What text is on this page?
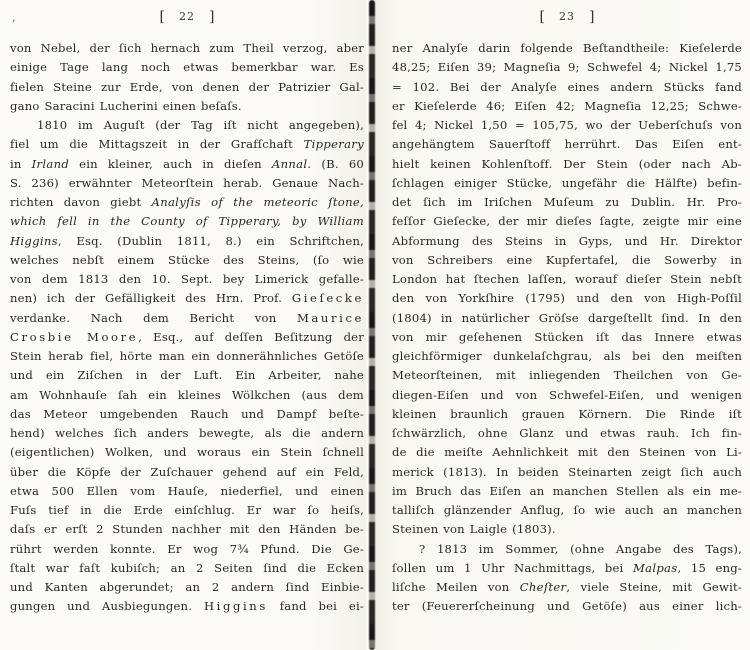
,	[ 22 ]
von Nebel, der ſich hernach zum Theil verzog, aber
einige Tage lang noch etwas bemerkbar war. Es
fielen Steine zur Erde, von denen der Patrizier Gal-
gano Saracini Lucherini einen beſaſs.
1810 im Auguſt (der Tag iſt nicht angegeben),
fiel um die Mittagszeit in der Grafſchaft Tipperary
in Irland ein kleiner, auch in dieſen Annal. (B. 60
S. 236) erwähnter Meteorſtein herab. Genaue Nach-
richten davon giebt Analyſis of the meteoric ſtone,
which fell in the County of Tipperary, by William
Higgins, Esq. (Dublin 1811, 8.) ein Schriftchen,
welches nebſt einem Stücke des Steins, (ſo wie
von dem 1813 den 10. Sept. bey Limerick gefalle-
nen) ich der Gefälligkeit des Hrn. Prof. Gieſecke
verdanke. Nach dem Bericht von Maurice
Crosbie Moore, Esq., auf deſſen Beſitzung der
Stein herab fiel, hörte man ein donnerähnliches Getöſe
und ein Ziſchen in der Luft. Ein Arbeiter, nahe
am Wohnhauſe ſah ein kleines Wölkchen (aus dem
das Meteor umgebenden Rauch und Dampf beſte-
hend) welches ſich anders bewegte, als die andern
(eigentlichen) Wolken, und woraus ein Stein ſchnell
über die Köpfe der Zuſchauer gehend auf ein Feld,
etwa 500 Ellen vom Hauſe, niederfiel, und einen
Fuſs tief in die Erde einſchlug. Er war ſo heiſs,
daſs er erſt 2 Stunden nachher mit den Händen be-
rührt werden konnte. Er wog 7¾ Pfund. Die Ge-
ſtalt war faſt kubiſch; an 2 Seiten ſind die Ecken
und Kanten abgerundet; an 2 andern ſind Einbie-
gungen und Ausbiegungen. Higgins fand bei ei-
[ 23 ]
ner Analyſe darin folgende Beſtandtheile: Kieſelerde
48,25; Eiſen 39; Magneſia 9; Schwefel 4; Nickel 1,75
= 102. Bei der Analyſe eines andern Stücks fand
er Kieſelerde 46; Eiſen 42; Magneſia 12,25; Schwe-
fel 4; Nickel 1,50 = 105,75, wo der Ueberſchuſs von
angehängtem Sauerſtoff herrührt. Das Eiſen ent-
hielt keinen Kohlenſtoff. Der Stein (oder nach Ab-
ſchlagen einiger Stücke, ungefähr die Hälfte) befin-
det ſich im Iriſchen Muſeum zu Dublin. Hr. Pro-
feſſor Gieſecke, der mir dieſes ſagte, zeigte mir eine
Abformung des Steins in Gyps, und Hr. Direktor
von Schreibers eine Kupfertafel, die Sowerby in
London hat ſtechen laſſen, worauf dieſer Stein nebſt
den von Yorkſhire (1795) und den von High-Poſſil
(1804) in natürlicher Gröſse dargeſtellt ſind. In den
von mir geſehenen Stücken iſt das Innere etwas
gleichförmiger dunkelaſchgrau, als bei den meiſten
Meteorſteinen, mit inliegenden Theilchen von Ge-
diegen-Eiſen und von Schwefel-Eiſen, und wenigen
kleinen braunlich grauen Körnern. Die Rinde iſt
ſchwärzlich, ohne Glanz und etwas rauh. Ich fin-
de die meiſte Aehnlichkeit mit den Steinen von Li-
merick (1813). In beiden Steinarten zeigt ſich auch
im Bruch das Eiſen an manchen Stellen als ein me-
talliſch glänzender Anflug, ſo wie auch an manchen
Steinen von Laigle (1803).
? 1813 im Sommer, (ohne Angabe des Tags),
ſollen um 1 Uhr Nachmittags, bei Malpas, 15 eng-
liſche Meilen von Cheſter, viele Steine, mit Gewit-
ter (Feuererſcheinung und Getöſe) aus einer lich-
